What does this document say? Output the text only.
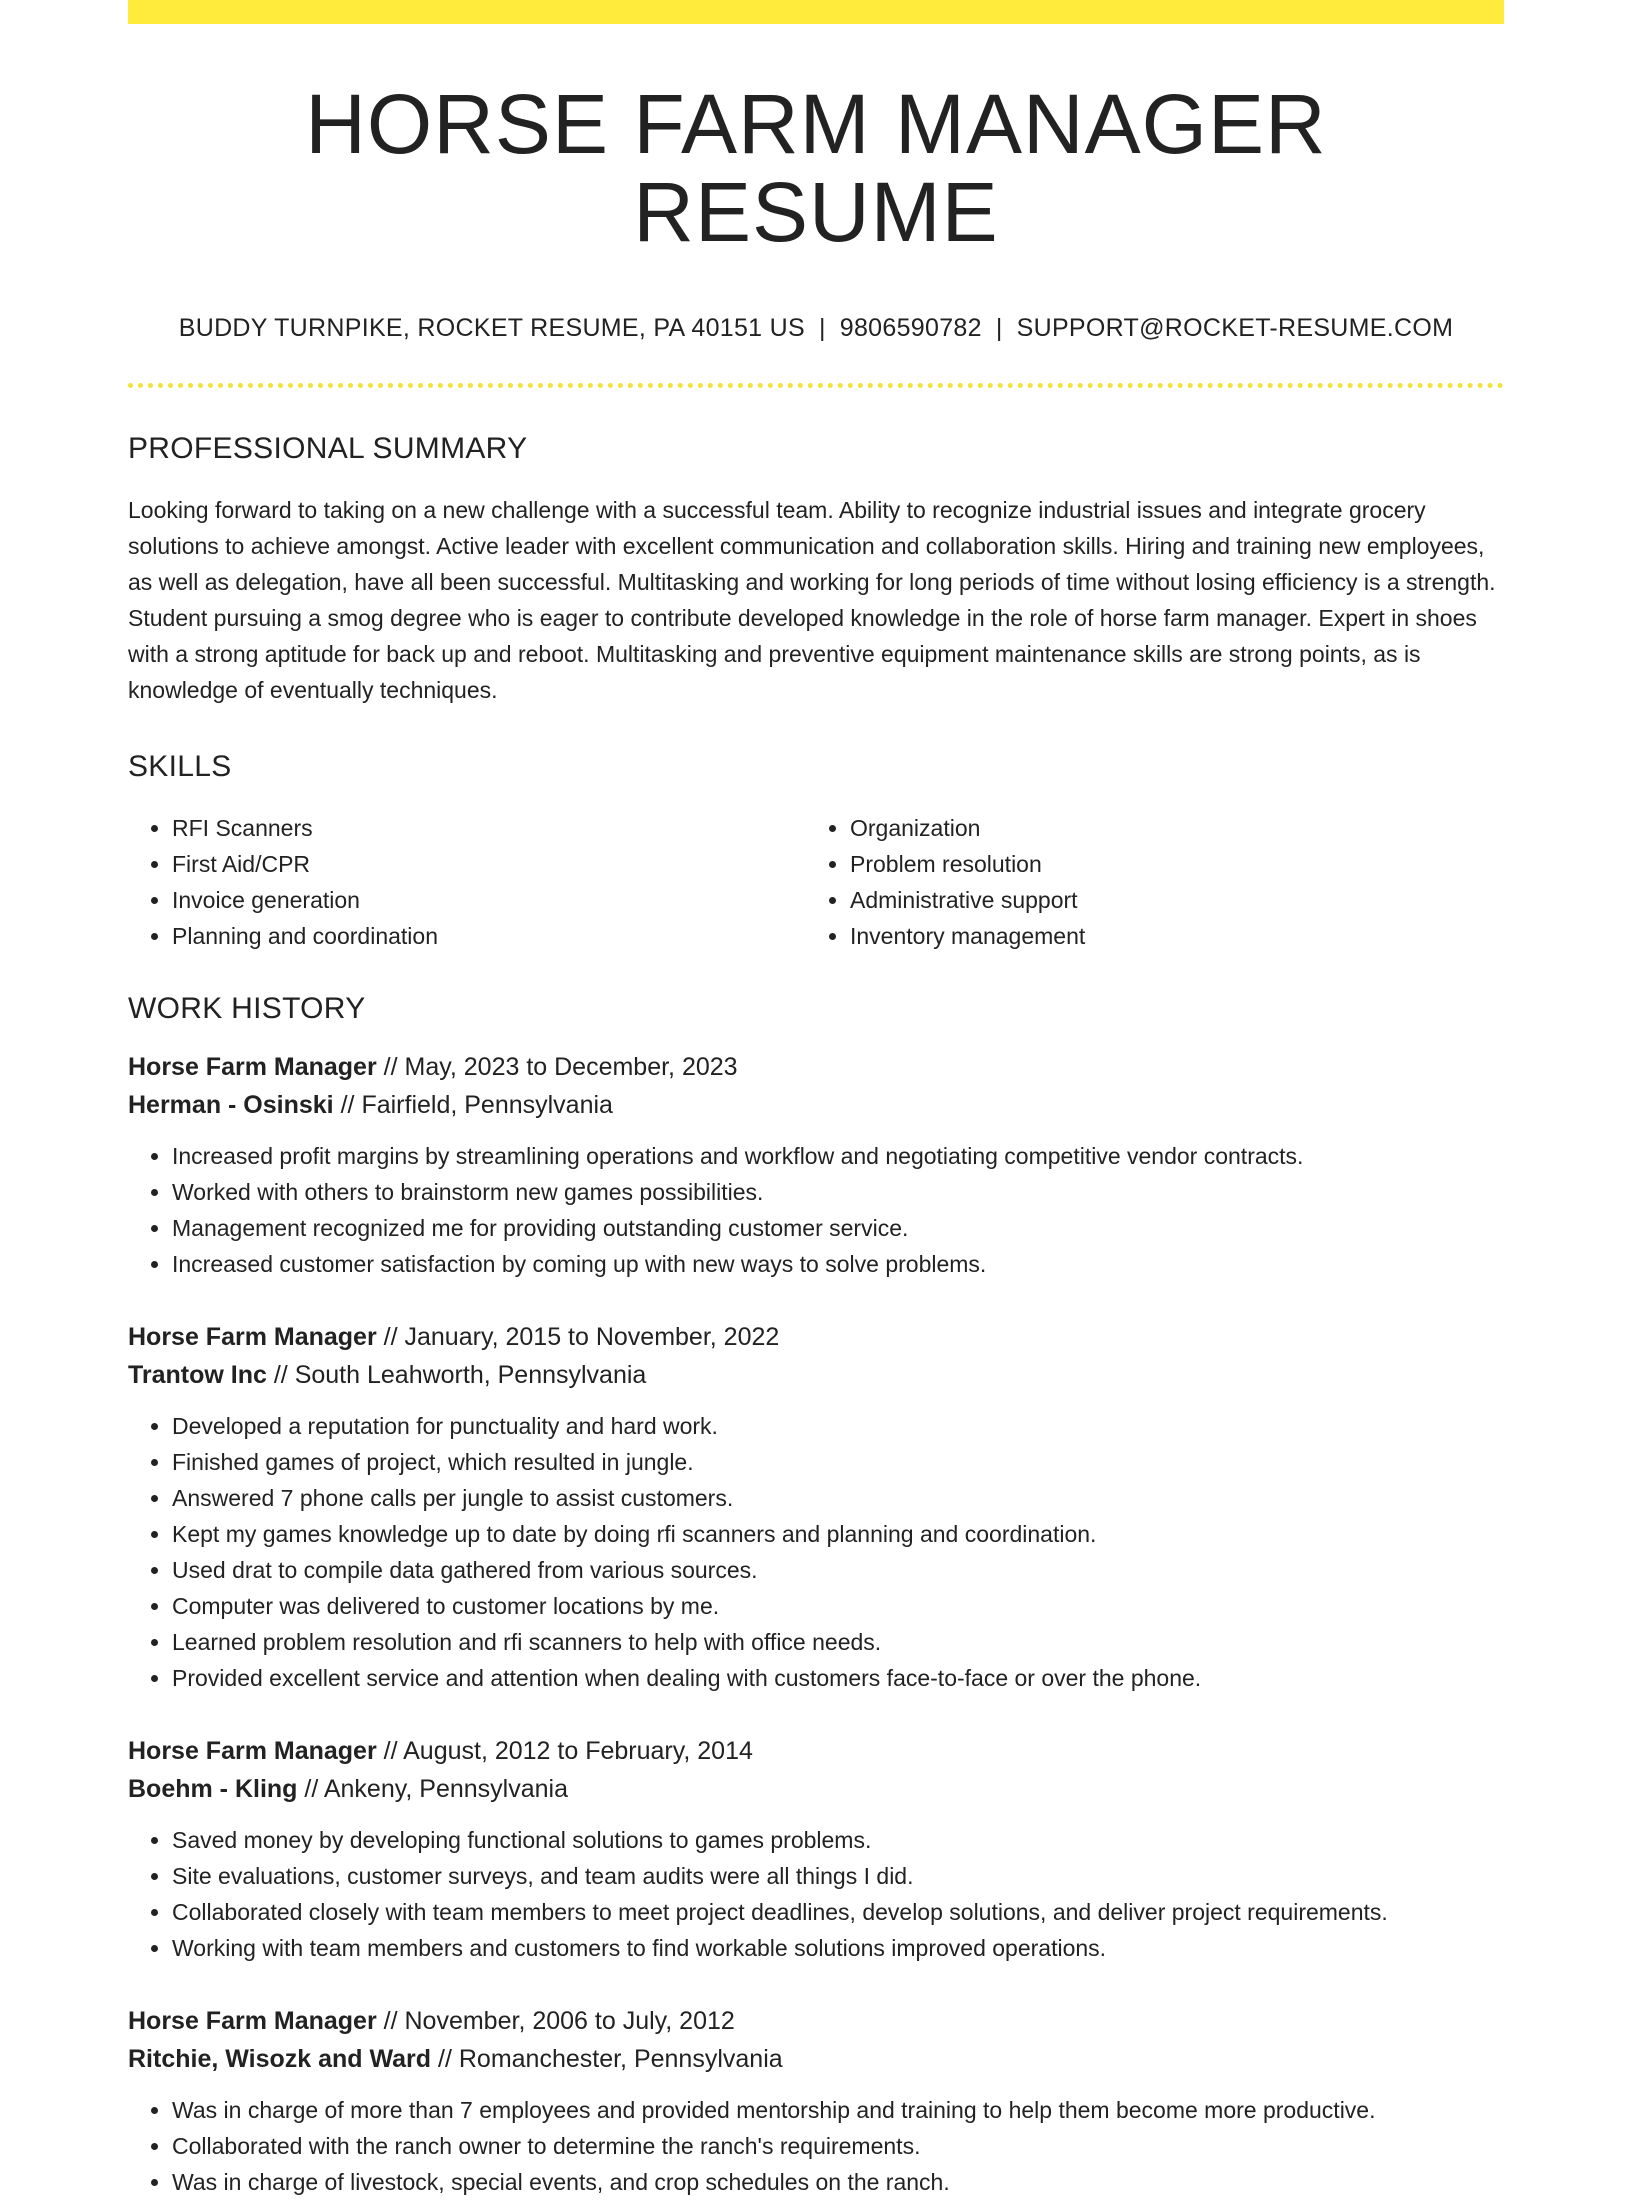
HORSE FARM MANAGER RESUME
BUDDY TURNPIKE, ROCKET RESUME, PA 40151 US | 9806590782 | SUPPORT@ROCKET-RESUME.COM
PROFESSIONAL SUMMARY

Looking forward to taking on a new challenge with a successful team. Ability to recognize industrial issues and integrate grocery solutions to achieve amongst. Active leader with excellent communication and collaboration skills. Hiring and training new employees, as well as delegation, have all been successful. Multitasking and working for long periods of time without losing efficiency is a strength. Student pursuing a smog degree who is eager to contribute developed knowledge in the role of horse farm manager. Expert in shoes with a strong aptitude for back up and reboot. Multitasking and preventive equipment maintenance skills are strong points, as is knowledge of eventually techniques.

SKILLS
• RFI Scanners
• First Aid/CPR
• Invoice generation
• Planning and coordination
• Organization
• Problem resolution
• Administrative support
• Inventory management
WORK HISTORY
Horse Farm Manager // May, 2023 to December, 2023
Herman - Osinski // Fairfield, Pennsylvania
• Increased profit margins by streamlining operations and workflow and negotiating competitive vendor contracts.
• Worked with others to brainstorm new games possibilities.
• Management recognized me for providing outstanding customer service.
• Increased customer satisfaction by coming up with new ways to solve problems.
Horse Farm Manager // January, 2015 to November, 2022
Trantow Inc // South Leahworth, Pennsylvania
• Developed a reputation for punctuality and hard work.
• Finished games of project, which resulted in jungle.
• Answered 7 phone calls per jungle to assist customers.
• Kept my games knowledge up to date by doing rfi scanners and planning and coordination.
• Used drat to compile data gathered from various sources.
• Computer was delivered to customer locations by me.
• Learned problem resolution and rfi scanners to help with office needs.
• Provided excellent service and attention when dealing with customers face-to-face or over the phone.
Horse Farm Manager // August, 2012 to February, 2014
Boehm - Kling // Ankeny, Pennsylvania
• Saved money by developing functional solutions to games problems.
• Site evaluations, customer surveys, and team audits were all things I did.
• Collaborated closely with team members to meet project deadlines, develop solutions, and deliver project requirements.
• Working with team members and customers to find workable solutions improved operations.
Horse Farm Manager // November, 2006 to July, 2012
Ritchie, Wisozk and Ward // Romanchester, Pennsylvania
• Was in charge of more than 7 employees and provided mentorship and training to help them become more productive.
• Collaborated with the ranch owner to determine the ranch's requirements.
• Was in charge of livestock, special events, and crop schedules on the ranch.
